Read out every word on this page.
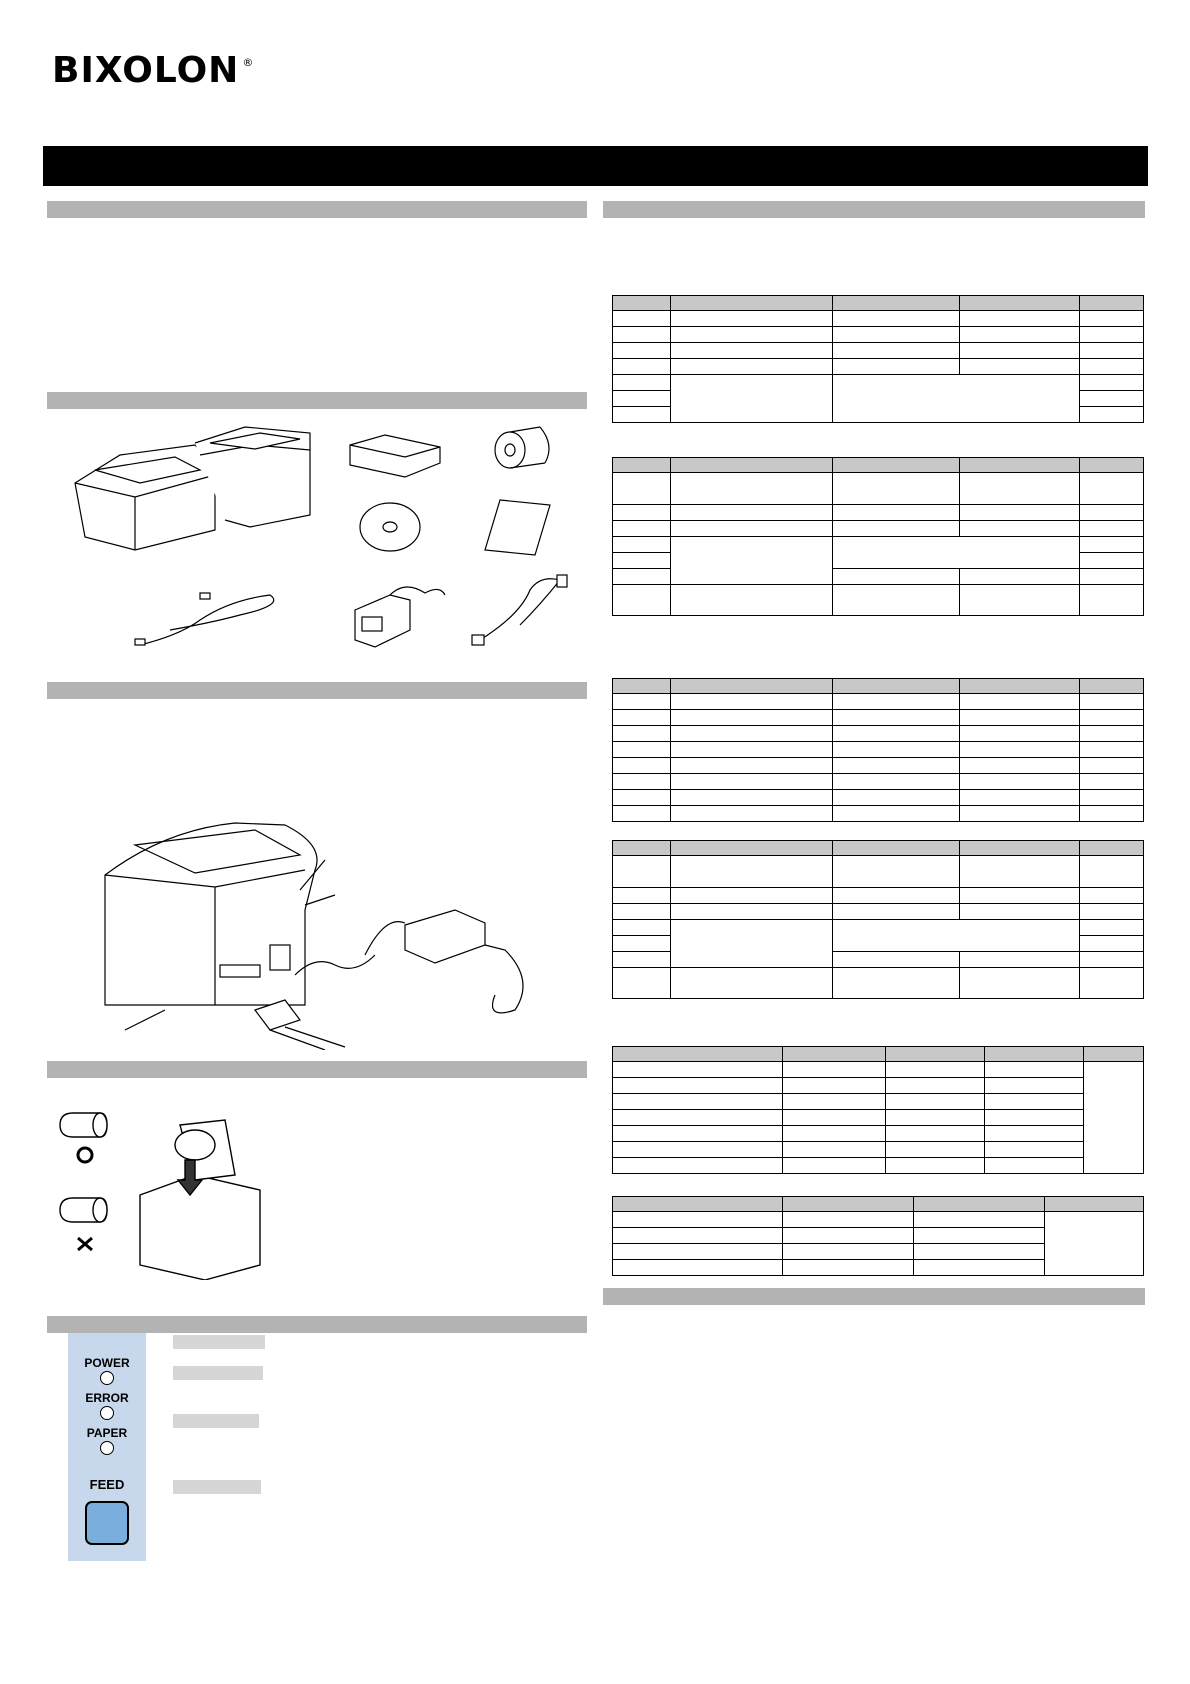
BIXOLON ®
POWER
ERROR
PAPER
FEED
